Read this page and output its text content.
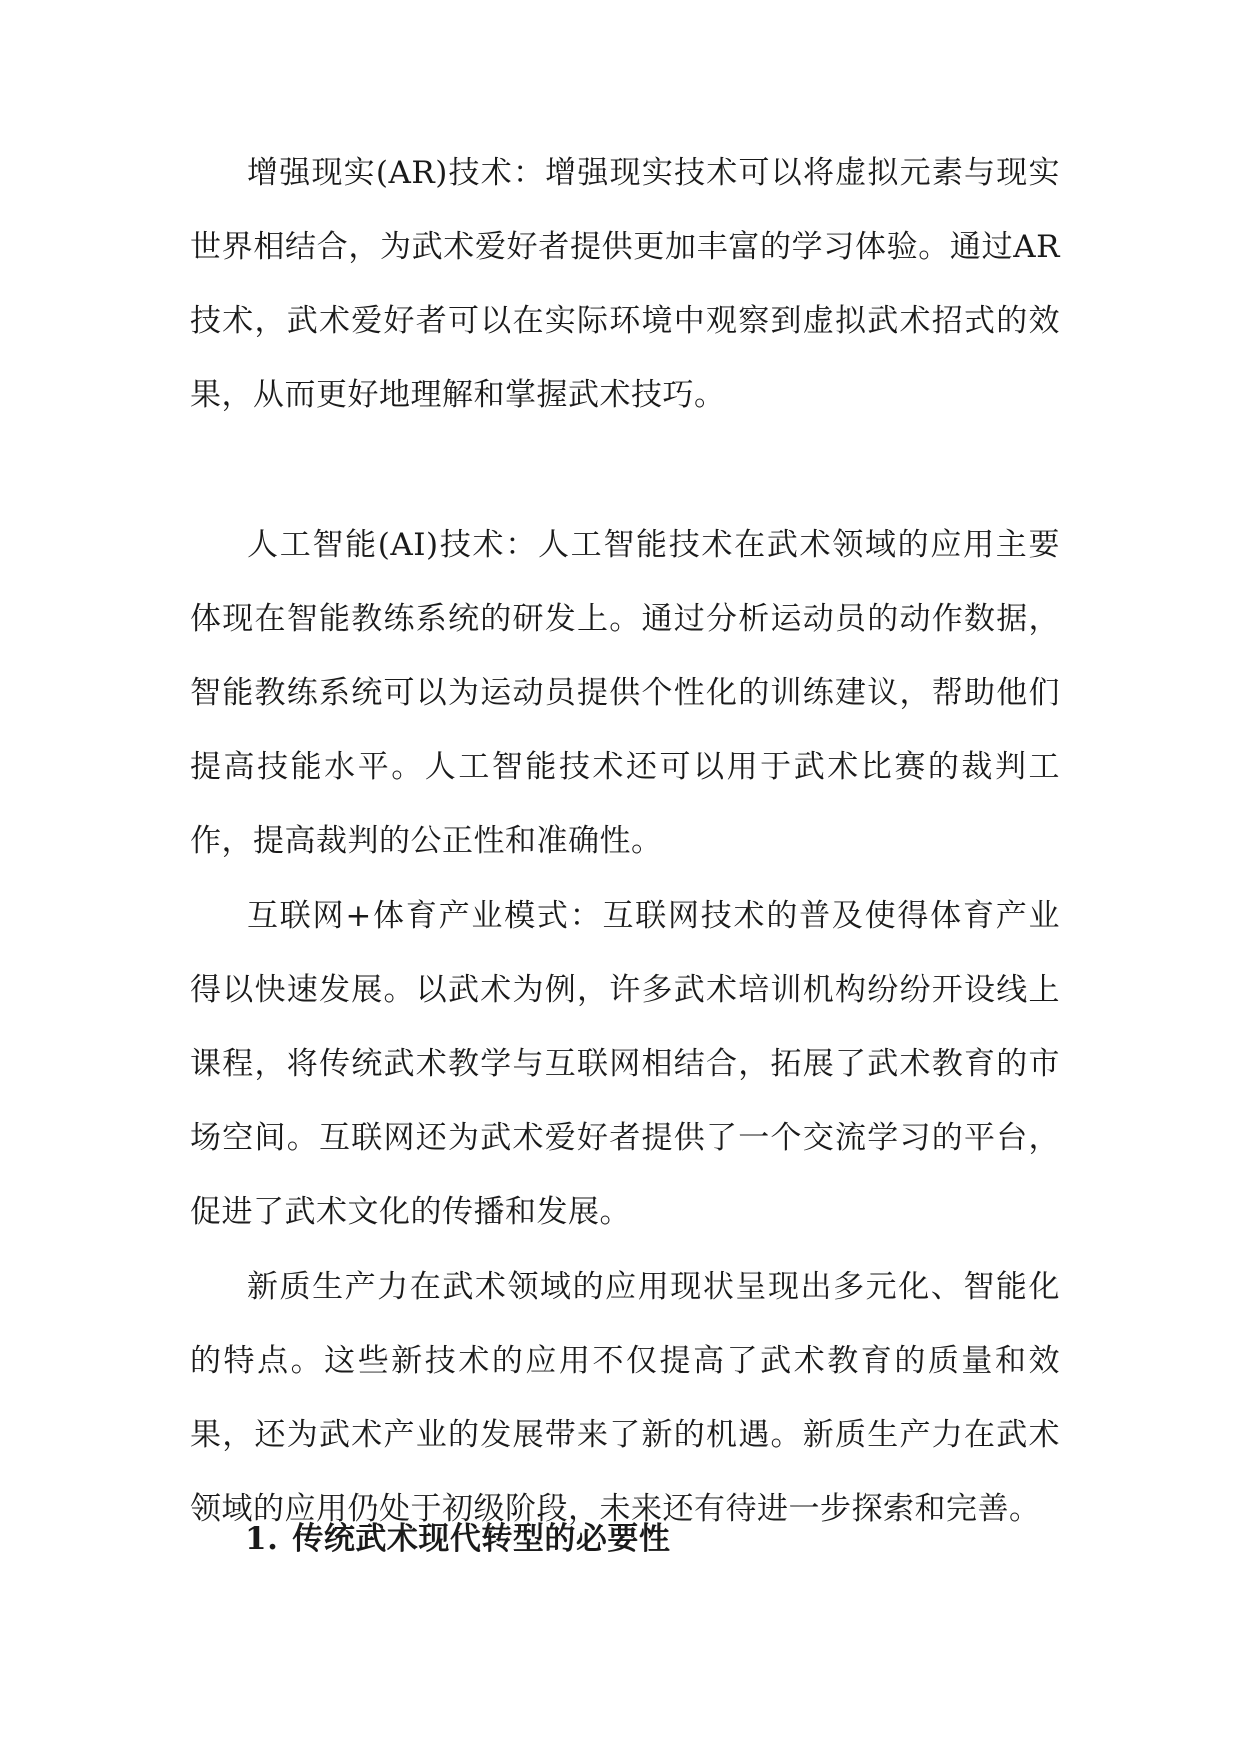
增强现实(AR)技术：增强现实技术可以将虚拟元素与现实世界相结合，为武术爱好者提供更加丰富的学习体验。通过AR技术，武术爱好者可以在实际环境中观察到虚拟武术招式的效果，从而更好地理解和掌握武术技巧。

人工智能(AI)技术：人工智能技术在武术领域的应用主要体现在智能教练系统的研发上。通过分析运动员的动作数据，智能教练系统可以为运动员提供个性化的训练建议，帮助他们提高技能水平。人工智能技术还可以用于武术比赛的裁判工作，提高裁判的公正性和准确性。

互联网+体育产业模式：互联网技术的普及使得体育产业得以快速发展。以武术为例，许多武术培训机构纷纷开设线上课程，将传统武术教学与互联网相结合，拓展了武术教育的市场空间。互联网还为武术爱好者提供了一个交流学习的平台，促进了武术文化的传播和发展。

新质生产力在武术领域的应用现状呈现出多元化、智能化的特点。这些新技术的应用不仅提高了武术教育的质量和效果，还为武术产业的发展带来了新的机遇。新质生产力在武术领域的应用仍处于初级阶段，未来还有待进一步探索和完善。

1. 传统武术现代转型的必要性
